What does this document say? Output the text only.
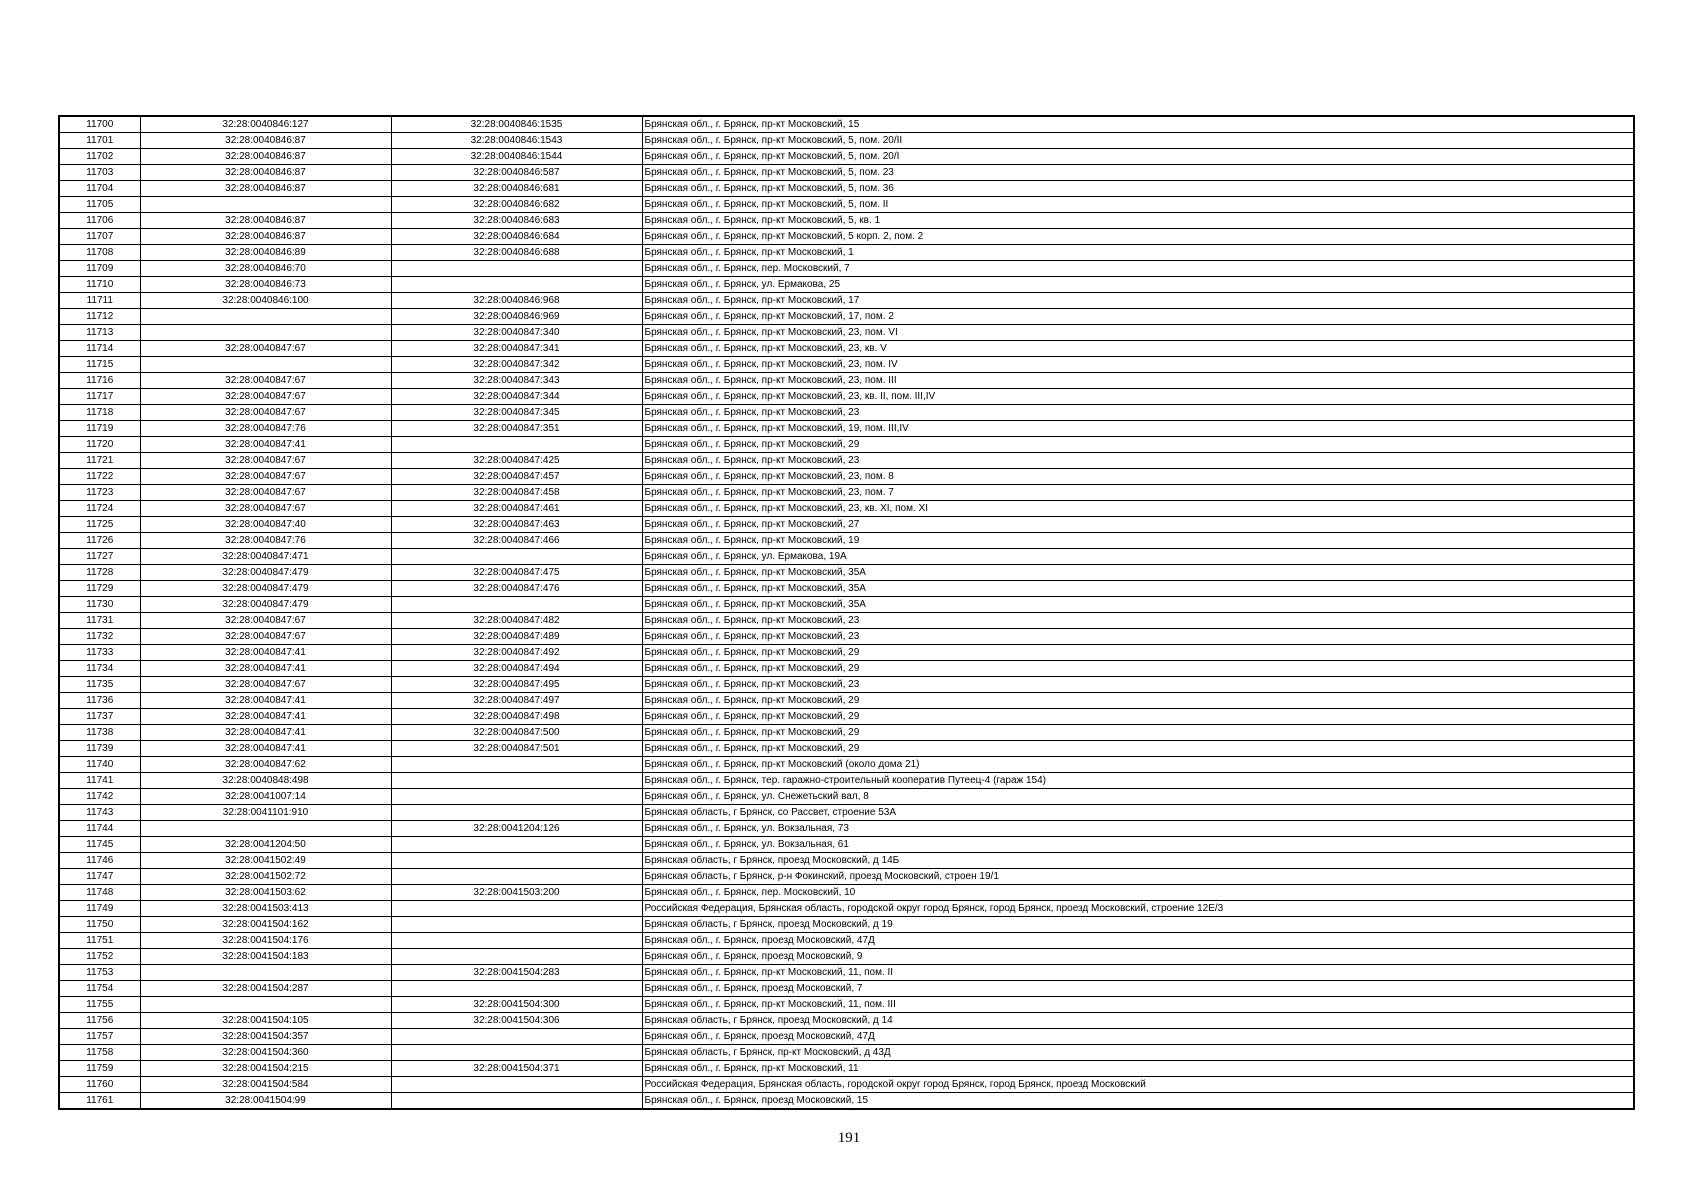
11700	32:28:0040846:127	32:28:0040846:1535	Брянская обл., г. Брянск, пр-кт Московский, 15
11701	32:28:0040846:87	32:28:0040846:1543	Брянская обл., г. Брянск, пр-кт Московский, 5, пом. 20/II
11702	32:28:0040846:87	32:28:0040846:1544	Брянская обл., г. Брянск, пр-кт Московский, 5, пом. 20/I
11703	32:28:0040846:87	32:28:0040846:587	Брянская обл., г. Брянск, пр-кт Московский, 5, пом. 23
11704	32:28:0040846:87	32:28:0040846:681	Брянская обл., г. Брянск, пр-кт Московский, 5, пом. 36
11705		32:28:0040846:682	Брянская обл., г. Брянск, пр-кт Московский, 5, пом. II
11706	32:28:0040846:87	32:28:0040846:683	Брянская обл., г. Брянск, пр-кт Московский, 5, кв. 1
11707	32:28:0040846:87	32:28:0040846:684	Брянская обл., г. Брянск, пр-кт Московский, 5 корп. 2, пом. 2
11708	32:28:0040846:89	32:28:0040846:688	Брянская обл., г. Брянск, пр-кт Московский, 1
11709	32:28:0040846:70		Брянская обл., г. Брянск, пер. Московский, 7
11710	32:28:0040846:73		Брянская обл., г. Брянск, ул. Ермакова, 25
11711	32:28:0040846:100	32:28:0040846:968	Брянская обл., г. Брянск, пр-кт Московский, 17
11712		32:28:0040846:969	Брянская обл., г. Брянск, пр-кт Московский, 17, пом. 2
11713		32:28:0040847:340	Брянская обл., г. Брянск, пр-кт Московский, 23, пом. VI
11714	32:28:0040847:67	32:28:0040847:341	Брянская обл., г. Брянск, пр-кт Московский, 23, кв. V
11715		32:28:0040847:342	Брянская обл., г. Брянск, пр-кт Московский, 23, пом. IV
11716	32:28:0040847:67	32:28:0040847:343	Брянская обл., г. Брянск, пр-кт Московский, 23, пом. III
11717	32:28:0040847:67	32:28:0040847:344	Брянская обл., г. Брянск, пр-кт Московский, 23, кв. II, пом. III,IV
11718	32:28:0040847:67	32:28:0040847:345	Брянская обл., г. Брянск, пр-кт Московский, 23
11719	32:28:0040847:76	32:28:0040847:351	Брянская обл., г. Брянск, пр-кт Московский, 19, пом. III,IV
11720	32:28:0040847:41		Брянская обл., г. Брянск, пр-кт Московский, 29
11721	32:28:0040847:67	32:28:0040847:425	Брянская обл., г. Брянск, пр-кт Московский, 23
11722	32:28:0040847:67	32:28:0040847:457	Брянская обл., г. Брянск, пр-кт Московский, 23, пом. 8
11723	32:28:0040847:67	32:28:0040847:458	Брянская обл., г. Брянск, пр-кт Московский, 23, пом. 7
11724	32:28:0040847:67	32:28:0040847:461	Брянская обл., г. Брянск, пр-кт Московский, 23, кв. XI, пом. XI
11725	32:28:0040847:40	32:28:0040847:463	Брянская обл., г. Брянск, пр-кт Московский, 27
11726	32:28:0040847:76	32:28:0040847:466	Брянская обл., г. Брянск, пр-кт Московский, 19
11727	32:28:0040847:471		Брянская обл., г. Брянск, ул. Ермакова, 19А
11728	32:28:0040847:479	32:28:0040847:475	Брянская обл., г. Брянск, пр-кт Московский, 35А
11729	32:28:0040847:479	32:28:0040847:476	Брянская обл., г. Брянск, пр-кт Московский, 35А
11730	32:28:0040847:479		Брянская обл., г. Брянск, пр-кт Московский, 35А
11731	32:28:0040847:67	32:28:0040847:482	Брянская обл., г. Брянск, пр-кт Московский, 23
11732	32:28:0040847:67	32:28:0040847:489	Брянская обл., г. Брянск, пр-кт Московский, 23
11733	32:28:0040847:41	32:28:0040847:492	Брянская обл., г. Брянск, пр-кт Московский, 29
11734	32:28:0040847:41	32:28:0040847:494	Брянская обл., г. Брянск, пр-кт Московский, 29
11735	32:28:0040847:67	32:28:0040847:495	Брянская обл., г. Брянск, пр-кт Московский, 23
11736	32:28:0040847:41	32:28:0040847:497	Брянская обл., г. Брянск, пр-кт Московский, 29
11737	32:28:0040847:41	32:28:0040847:498	Брянская обл., г. Брянск, пр-кт Московский, 29
11738	32:28:0040847:41	32:28:0040847:500	Брянская обл., г. Брянск, пр-кт Московский, 29
11739	32:28:0040847:41	32:28:0040847:501	Брянская обл., г. Брянск, пр-кт Московский, 29
11740	32:28:0040847:62		Брянская обл., г. Брянск, пр-кт Московский (около дома 21)
11741	32:28:0040848:498		Брянская обл., г. Брянск, тер. гаражно-строительный кооператив Путеец-4 (гараж 154)
11742	32:28:0041007:14		Брянская обл., г. Брянск, ул. Снежетьский вал, 8
11743	32:28:0041101:910		Брянская область, г Брянск, со Рассвет, строение 53А
11744		32:28:0041204:126	Брянская обл., г. Брянск, ул. Вокзальная, 73
11745	32:28:0041204:50		Брянская обл., г. Брянск, ул. Вокзальная, 61
11746	32:28:0041502:49		Брянская область, г Брянск, проезд Московский, д 14Б
11747	32:28:0041502:72		Брянская область, г Брянск, р-н Фокинский, проезд Московский, строен 19/1
11748	32:28:0041503:62	32:28:0041503:200	Брянская обл., г. Брянск, пер. Московский, 10
11749	32:28:0041503:413		Российская Федерация, Брянская область, городской округ город Брянск, город Брянск, проезд Московский, строение 12Е/3
11750	32:28:0041504:162		Брянская область, г Брянск, проезд Московский, д 19
11751	32:28:0041504:176		Брянская обл., г. Брянск, проезд Московский, 47Д
11752	32:28:0041504:183		Брянская обл., г. Брянск, проезд Московский, 9
11753		32:28:0041504:283	Брянская обл., г. Брянск, пр-кт Московский, 11, пом. II
11754	32:28:0041504:287		Брянская обл., г. Брянск, проезд Московский, 7
11755		32:28:0041504:300	Брянская обл., г. Брянск, пр-кт Московский, 11, пом. III
11756	32:28:0041504:105	32:28:0041504:306	Брянская область, г Брянск, проезд Московский, д 14
11757	32:28:0041504:357		Брянская обл., г. Брянск, проезд Московский, 47Д
11758	32:28:0041504:360		Брянская область, г Брянск, пр-кт Московский, д 43Д
11759	32:28:0041504:215	32:28:0041504:371	Брянская обл., г. Брянск, пр-кт Московский, 11
11760	32:28:0041504:584		Российская Федерация, Брянская область, городской округ город Брянск, город Брянск, проезд Московский
11761	32:28:0041504:99		Брянская обл., г. Брянск, проезд Московский, 15
191
